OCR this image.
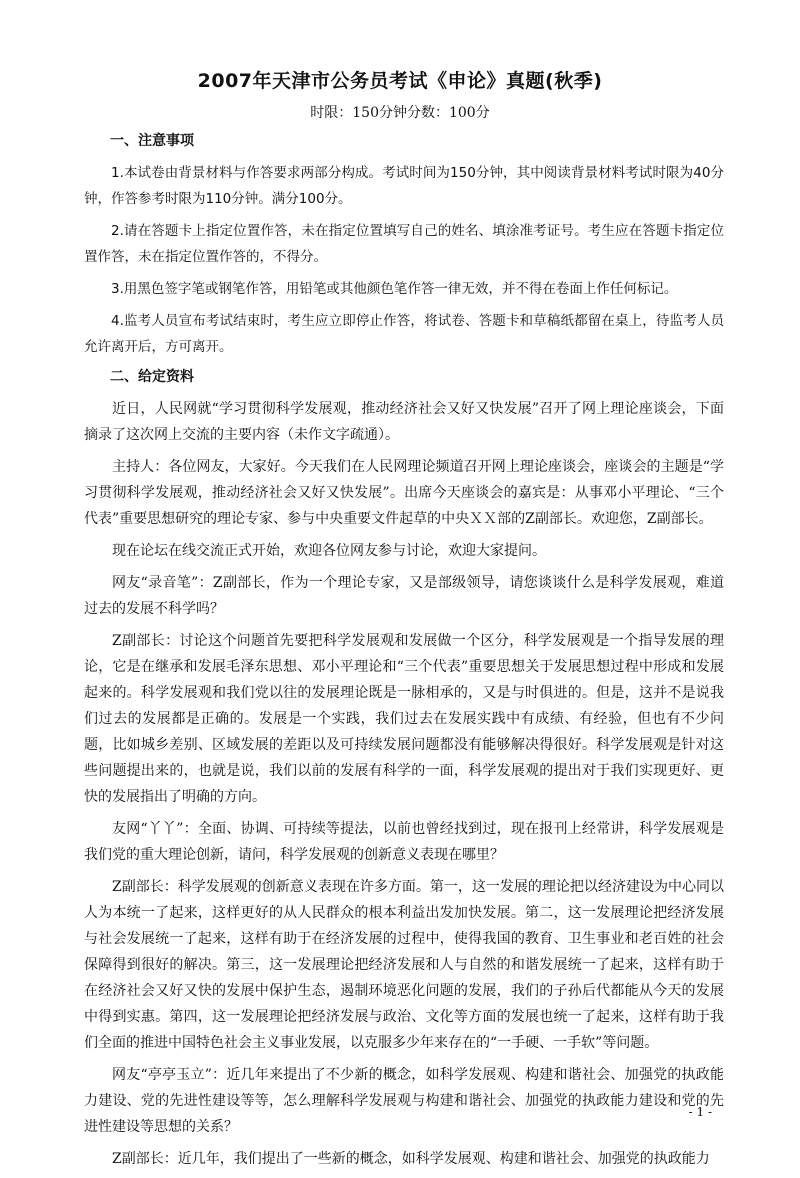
2007年天津市公务员考试《申论》真题(秋季)
时限：150分钟分数：100分
一、注意事项

1.本试卷由背景材料与作答要求两部分构成。考试时间为150分钟，其中阅读背景材料考试时限为40分钟，作答参考时限为110分钟。满分100分。

2.请在答题卡上指定位置作答，未在指定位置填写自己的姓名、填涂准考证号。考生应在答题卡指定位置作答，未在指定位置作答的，不得分。

3.用黑色签字笔或钢笔作答，用铅笔或其他颜色笔作答一律无效，并不得在卷面上作任何标记。

4.监考人员宣布考试结束时，考生应立即停止作答，将试卷、答题卡和草稿纸都留在桌上，待监考人员允许离开后，方可离开。

二、给定资料

近日，人民网就“学习贯彻科学发展观，推动经济社会又好又快发展”召开了网上理论座谈会，下面摘录了这次网上交流的主要内容（未作文字疏通）。

主持人：各位网友，大家好。今天我们在人民网理论频道召开网上理论座谈会，座谈会的主题是“学习贯彻科学发展观，推动经济社会又好又快发展”。出席今天座谈会的嘉宾是：从事邓小平理论、“三个代表”重要思想研究的理论专家、参与中央重要文件起草的中央ＸＸ部的Z副部长。欢迎您，Z副部长。

现在论坛在线交流正式开始，欢迎各位网友参与讨论，欢迎大家提问。

网友“录音笔”：Z副部长，作为一个理论专家，又是部级领导，请您谈谈什么是科学发展观，难道过去的发展不科学吗？

Z副部长：讨论这个问题首先要把科学发展观和发展做一个区分，科学发展观是一个指导发展的理论，它是在继承和发展毛泽东思想、邓小平理论和“三个代表”重要思想关于发展思想过程中形成和发展起来的。科学发展观和我们党以往的发展理论既是一脉相承的，又是与时俱进的。但是，这并不是说我们过去的发展都是正确的。发展是一个实践，我们过去在发展实践中有成绩、有经验，但也有不少问题，比如城乡差别、区域发展的差距以及可持续发展问题都没有能够解决得很好。科学发展观是针对这些问题提出来的，也就是说，我们以前的发展有科学的一面，科学发展观的提出对于我们实现更好、更快的发展指出了明确的方向。

友网“丫丫”：全面、协调、可持续等提法，以前也曾经找到过，现在报刊上经常讲，科学发展观是我们党的重大理论创新，请问，科学发展观的创新意义表现在哪里？

Z副部长：科学发展观的创新意义表现在许多方面。第一，这一发展的理论把以经济建设为中心同以人为本统一了起来，这样更好的从人民群众的根本利益出发加快发展。第二，这一发展理论把经济发展与社会发展统一了起来，这样有助于在经济发展的过程中，使得我国的教育、卫生事业和老百姓的社会保障得到很好的解决。第三，这一发展理论把经济发展和人与自然的和谐发展统一了起来，这样有助于在经济社会又好又快的发展中保护生态，遏制环境恶化问题的发展，我们的子孙后代都能从今天的发展中得到实惠。第四，这一发展理论把经济发展与政治、文化等方面的发展也统一了起来，这样有助于我们全面的推进中国特色社会主义事业发展，以克服多少年来存在的“一手硬、一手软”等问题。

网友“亭亭玉立”：近几年来提出了不少新的概念，如科学发展观、构建和谐社会、加强党的执政能力建设、党的先进性建设等等，怎么理解科学发展观与构建和谐社会、加强党的执政能力建设和党的先进性建设等思想的关系？

Z副部长：近几年，我们提出了一些新的概念，如科学发展观、构建和谐社会、加强党的执政能力

- 1 -
